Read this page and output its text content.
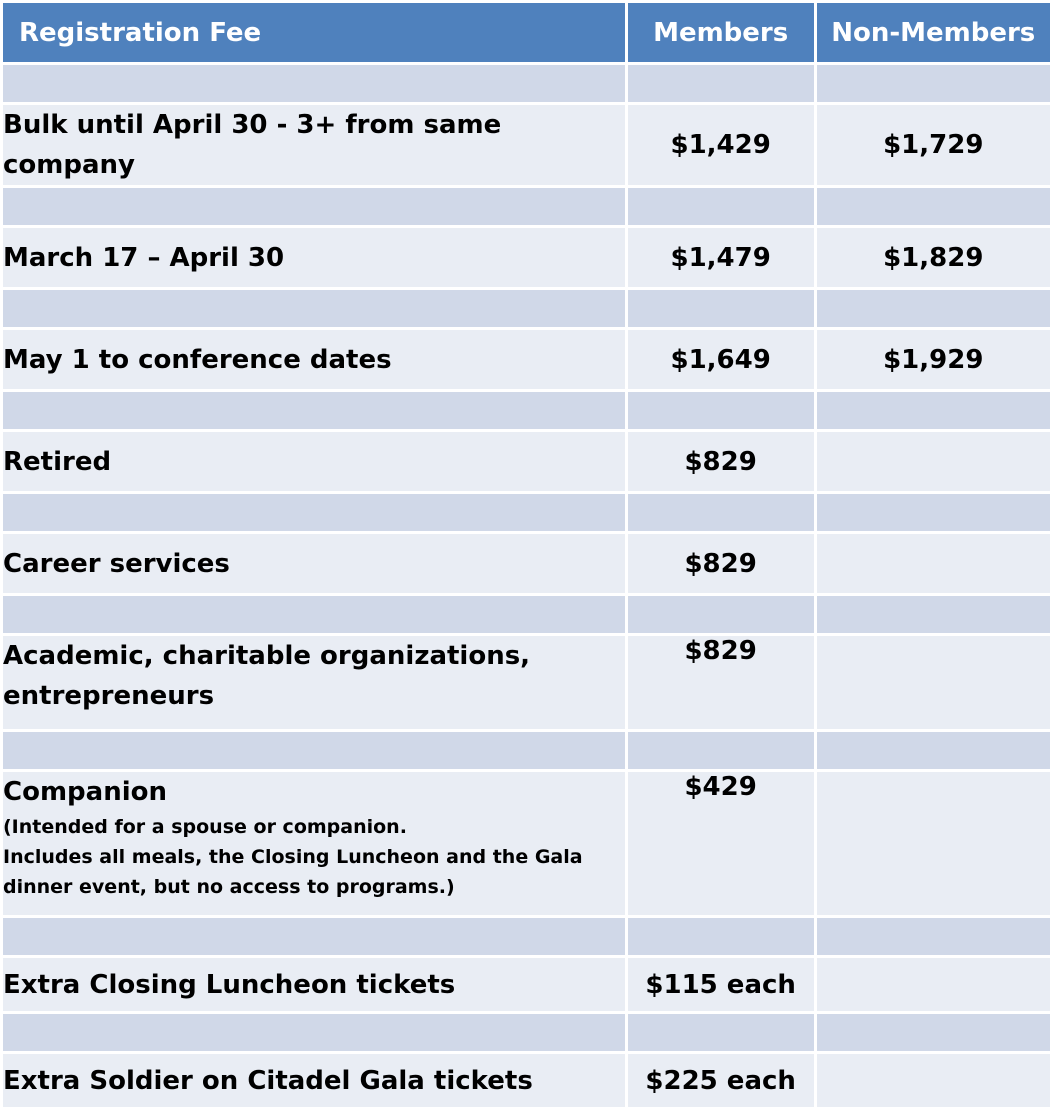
Registration Fee	Members	Non-Members

Bulk until April 30 - 3+ from same company	$1,429	$1,729

March 17 – April 30	$1,479	$1,829

May 1 to conference dates	$1,649	$1,929

Retired	$829	

Career services	$829	

Academic, charitable organizations,
entrepreneurs	$829	

Companion
(Intended for a spouse or companion.
Includes all meals, the Closing Luncheon and the Gala
dinner event, but no access to programs.)	$429	

Extra Closing Luncheon tickets	$115 each	

Extra Soldier on Citadel Gala tickets	$225 each	
